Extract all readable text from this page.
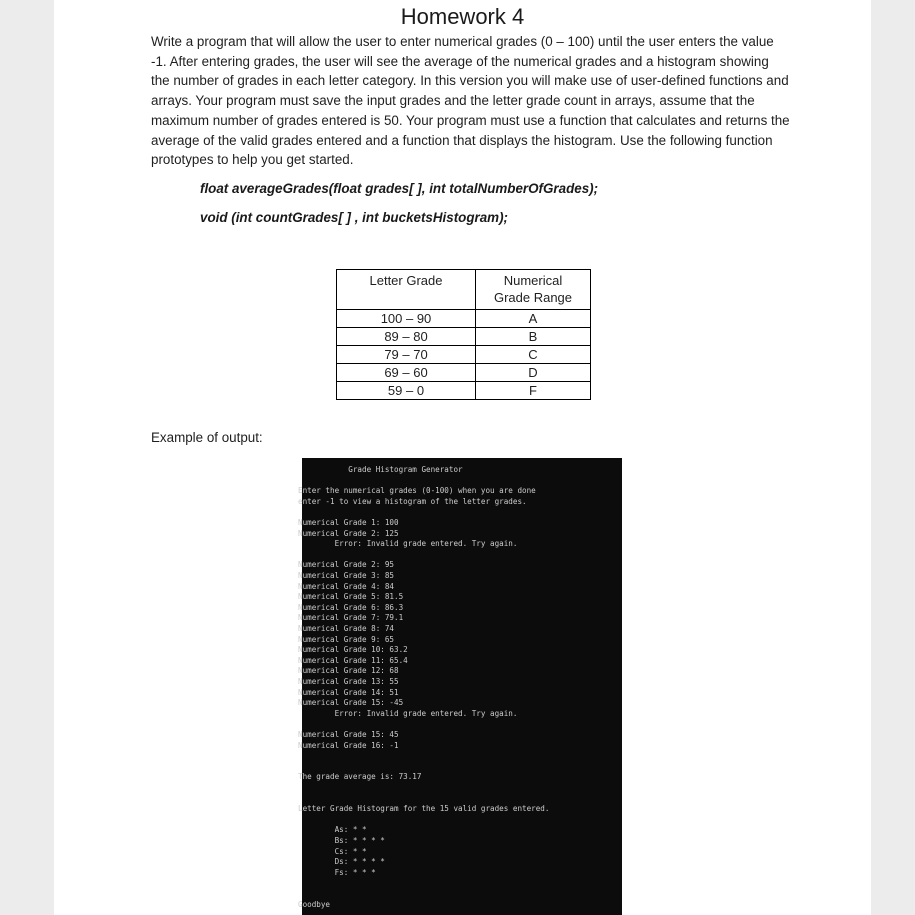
Homework 4
Write a program that will allow the user to enter numerical grades (0 – 100) until the user enters the value -1. After entering grades, the user will see the average of the numerical grades and a histogram showing the number of grades in each letter category. In this version you will make use of user-defined functions and arrays. Your program must save the input grades and the letter grade count in arrays, assume that the maximum number of grades entered is 50. Your program must use a function that calculates and returns the average of the valid grades entered and a function that displays the histogram. Use the following function prototypes to help you get started.
float averageGrades(float grades[ ], int totalNumberOfGrades);
void (int countGrades[ ] , int bucketsHistogram);
Letter Grade	Numerical Grade Range
100 – 90	A
89 – 80	B
79 – 70	C
69 – 60	D
59 – 0	F
Example of output:
Grade Histogram Generator
Enter the numerical grades (0-100) when you are done
enter -1 to view a histogram of the letter grades.
Numerical Grade 1: 100
Numerical Grade 2: 125
Error: Invalid grade entered. Try again.
Numerical Grade 2: 95
Numerical Grade 3: 85
Numerical Grade 4: 84
Numerical Grade 5: 81.5
Numerical Grade 6: 86.3
Numerical Grade 7: 79.1
Numerical Grade 8: 74
Numerical Grade 9: 65
Numerical Grade 10: 63.2
Numerical Grade 11: 65.4
Numerical Grade 12: 68
Numerical Grade 13: 55
Numerical Grade 14: 51
Numerical Grade 15: -45
Error: Invalid grade entered. Try again.
Numerical Grade 15: 45
Numerical Grade 16: -1
The grade average is: 73.17
Letter Grade Histogram for the 15 valid grades entered.
As: * *
Bs: * * * *
Cs: * *
Ds: * * * *
Fs: * * *
Goodbye
